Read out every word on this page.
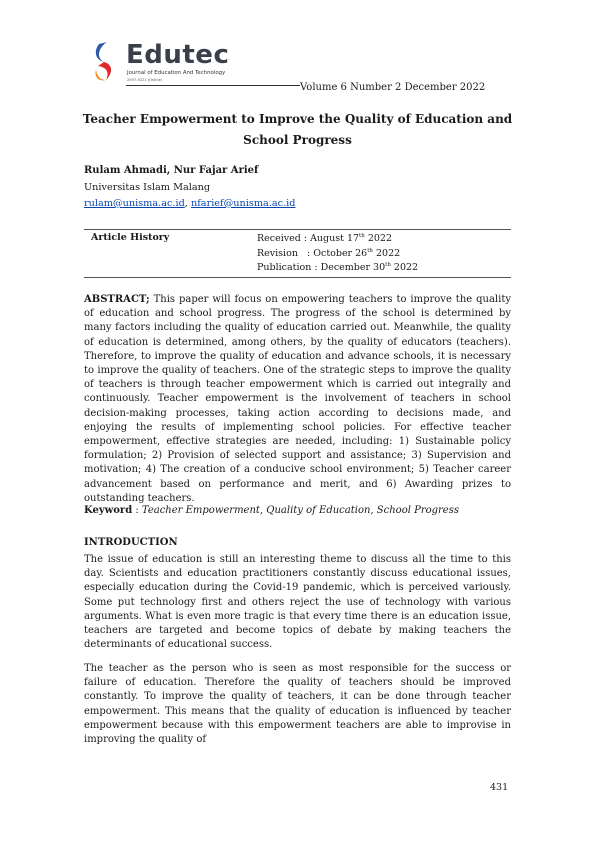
Edutec
Journal of Education And Technology
2597-9221 (Online)
Volume 6 Number 2 December 2022
Teacher Empowerment to Improve the Quality of Education and School Progress
Rulam Ahmadi, Nur Fajar Arief
Universitas Islam Malang
rulam@unisma.ac.id, nfarief@unisma.ac.id
Article History	Received : August 17th 2022
Revision   : October 26th 2022
Publication : December 30th 2022
ABSTRACT; This paper will focus on empowering teachers to improve the quality of education and school progress. The progress of the school is determined by many factors including the quality of education carried out. Meanwhile, the quality of education is determined, among others, by the quality of educators (teachers). Therefore, to improve the quality of education and advance schools, it is necessary to improve the quality of teachers. One of the strategic steps to improve the quality of teachers is through teacher empowerment which is carried out integrally and continuously. Teacher empowerment is the involvement of teachers in school decision-making processes, taking action according to decisions made, and enjoying the results of implementing school policies. For effective teacher empowerment, effective strategies are needed, including: 1) Sustainable policy formulation; 2) Provision of selected support and assistance; 3) Supervision and motivation; 4) The creation of a conducive school environment; 5) Teacher career advancement based on performance and merit, and 6) Awarding prizes to outstanding teachers.
Keyword : Teacher Empowerment, Quality of Education, School Progress
INTRODUCTION
The issue of education is still an interesting theme to discuss all the time to this day. Scientists and education practitioners constantly discuss educational issues, especially education during the Covid-19 pandemic, which is perceived variously. Some put technology first and others reject the use of technology with various arguments. What is even more tragic is that every time there is an education issue, teachers are targeted and become topics of debate by making teachers the determinants of educational success.
The teacher as the person who is seen as most responsible for the success or failure of education. Therefore the quality of teachers should be improved constantly. To improve the quality of teachers, it can be done through teacher empowerment. This means that the quality of education is influenced by teacher empowerment because with this empowerment teachers are able to improvise in improving the quality of
431
